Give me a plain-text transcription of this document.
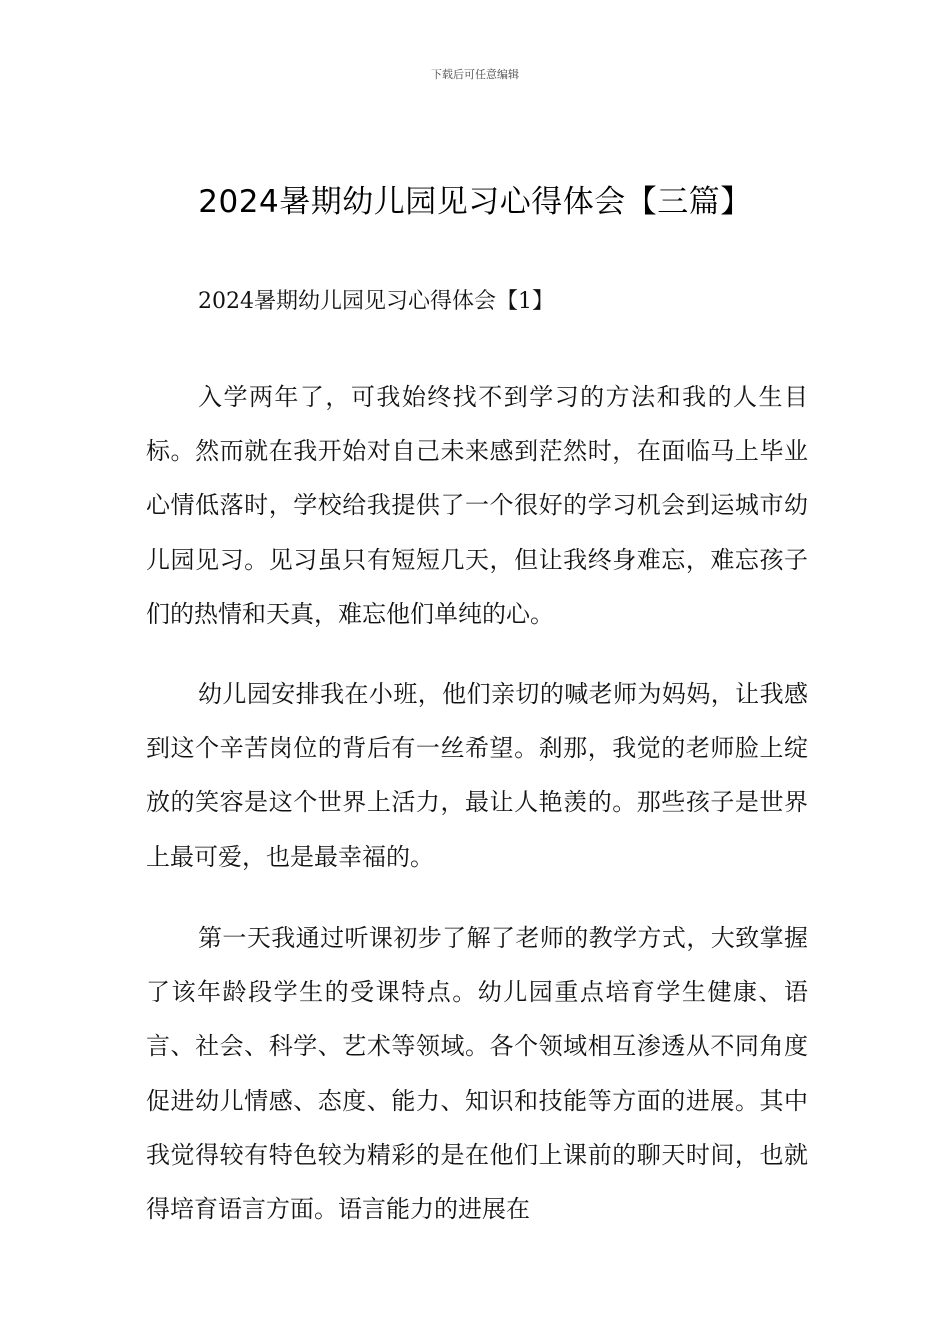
下载后可任意编辑
2024暑期幼儿园见习心得体会【三篇】
2024暑期幼儿园见习心得体会【1】

入学两年了，可我始终找不到学习的方法和我的人生目标。然而就在我开始对自己未来感到茫然时，在面临马上毕业心情低落时，学校给我提供了一个很好的学习机会到运城市幼儿园见习。见习虽只有短短几天，但让我终身难忘，难忘孩子们的热情和天真，难忘他们单纯的心。

幼儿园安排我在小班，他们亲切的喊老师为妈妈，让我感到这个辛苦岗位的背后有一丝希望。刹那，我觉的老师脸上绽放的笑容是这个世界上活力，最让人艳羡的。那些孩子是世界上最可爱，也是最幸福的。

第一天我通过听课初步了解了老师的教学方式，大致掌握了该年龄段学生的受课特点。幼儿园重点培育学生健康、语言、社会、科学、艺术等领域。各个领域相互渗透从不同角度促进幼儿情感、态度、能力、知识和技能等方面的进展。其中我觉得较有特色较为精彩的是在他们上课前的聊天时间，也就得培育语言方面。语言能力的进展在
